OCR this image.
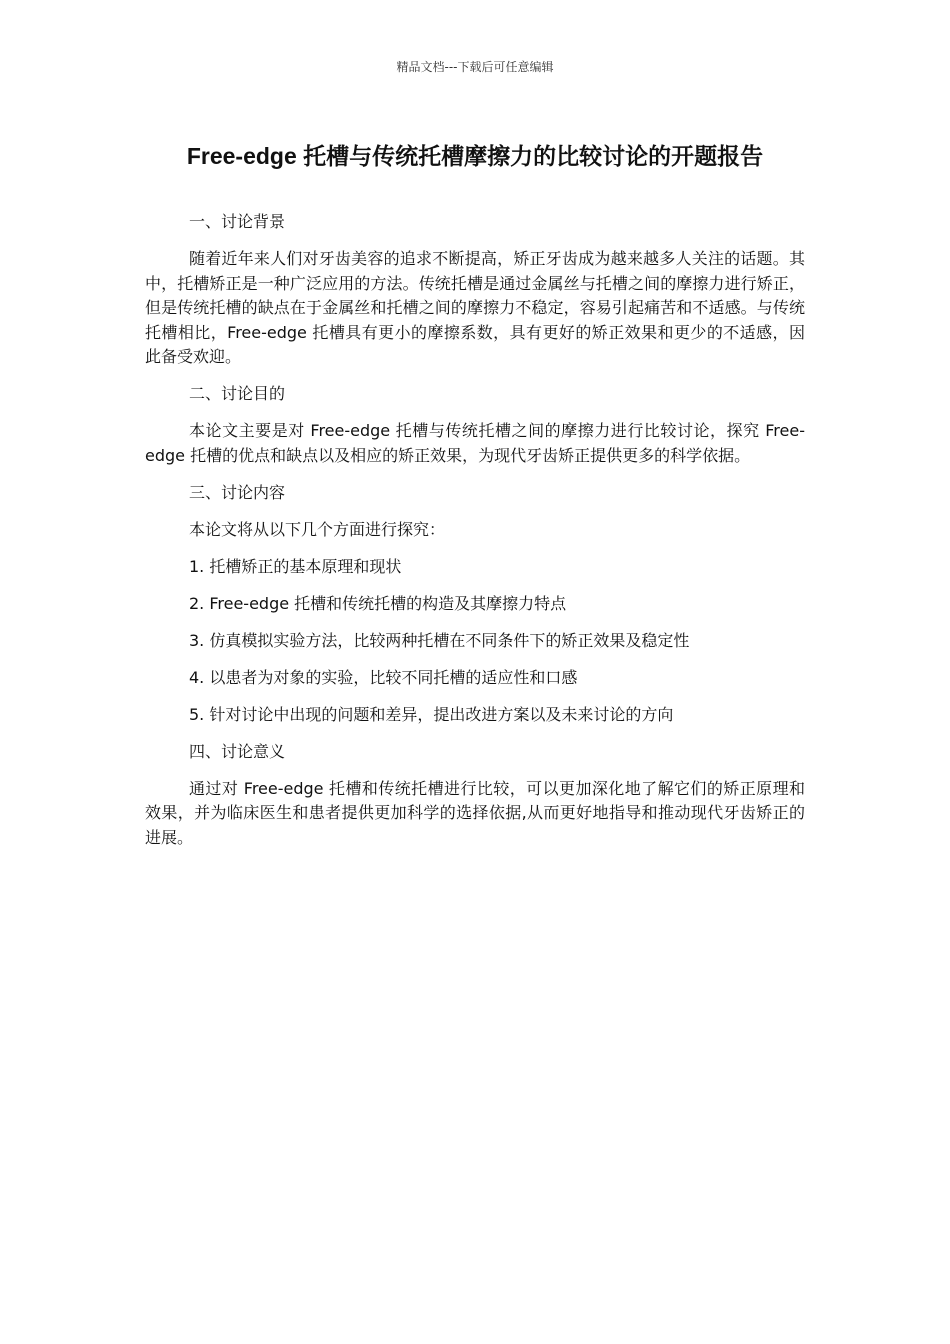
精品文档---下载后可任意编辑
Free-edge 托槽与传统托槽摩擦力的比较讨论的开题报告
一、讨论背景
随着近年来人们对牙齿美容的追求不断提高，矫正牙齿成为越来越多人关注的话题。其中，托槽矫正是一种广泛应用的方法。传统托槽是通过金属丝与托槽之间的摩擦力进行矫正，但是传统托槽的缺点在于金属丝和托槽之间的摩擦力不稳定，容易引起痛苦和不适感。与传统托槽相比，Free-edge 托槽具有更小的摩擦系数，具有更好的矫正效果和更少的不适感，因此备受欢迎。
二、讨论目的
本论文主要是对 Free-edge 托槽与传统托槽之间的摩擦力进行比较讨论，探究 Free-edge 托槽的优点和缺点以及相应的矫正效果，为现代牙齿矫正提供更多的科学依据。
三、讨论内容
本论文将从以下几个方面进行探究：
1. 托槽矫正的基本原理和现状
2. Free-edge 托槽和传统托槽的构造及其摩擦力特点
3. 仿真模拟实验方法，比较两种托槽在不同条件下的矫正效果及稳定性
4. 以患者为对象的实验，比较不同托槽的适应性和口感
5. 针对讨论中出现的问题和差异，提出改进方案以及未来讨论的方向
四、讨论意义
通过对 Free-edge 托槽和传统托槽进行比较，可以更加深化地了解它们的矫正原理和效果，并为临床医生和患者提供更加科学的选择依据,从而更好地指导和推动现代牙齿矫正的进展。
